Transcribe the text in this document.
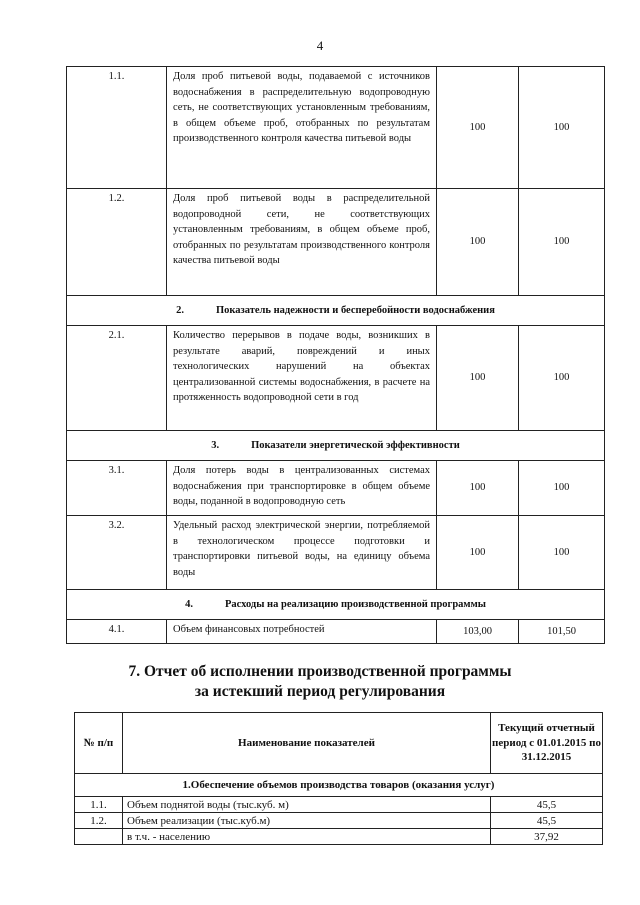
4
1.1.	Доля проб питьевой воды, подаваемой с источников водоснабжения в распределительную водопроводную сеть, не соответствующих установленным требованиям, в общем объеме проб, отобранных по результатам производственного контроля качества питьевой воды	100	100
1.2.	Доля проб питьевой воды в распределительной водопроводной сети, не соответствующих установленным требованиям, в общем объеме проб, отобранных по результатам производственного контроля качества питьевой воды	100	100
2. Показатель надежности и бесперебойности водоснабжения			
2.1.	Количество перерывов в подаче воды, возникших в результате аварий, повреждений и иных технологических нарушений на объектах централизованной системы водоснабжения, в расчете на протяженность водопроводной сети в год	100	100
3. Показатели энергетической эффективности			
3.1.	Доля потерь воды в централизованных системах водоснабжения при транспортировке в общем объеме воды, поданной в водопроводную сеть	100	100
3.2.	Удельный расход электрической энергии, потребляемой в технологическом процессе подготовки и транспортировки питьевой воды, на единицу объема воды	100	100
4. Расходы на реализацию производственной программы			
4.1.	Объем финансовых потребностей	103,00	101,50
7. Отчет об исполнении производственной программы
за истекший период регулирования
№ п/п	Наименование показателей	Текущий отчетный период с 01.01.2015 по 31.12.2015
1.Обеспечение объемов производства товаров (оказания услуг)		
1.1.	Объем поднятой воды (тыс.куб. м)	45,5
1.2.	Объем реализации (тыс.куб.м)	45,5
	в т.ч. - населению	37,92
